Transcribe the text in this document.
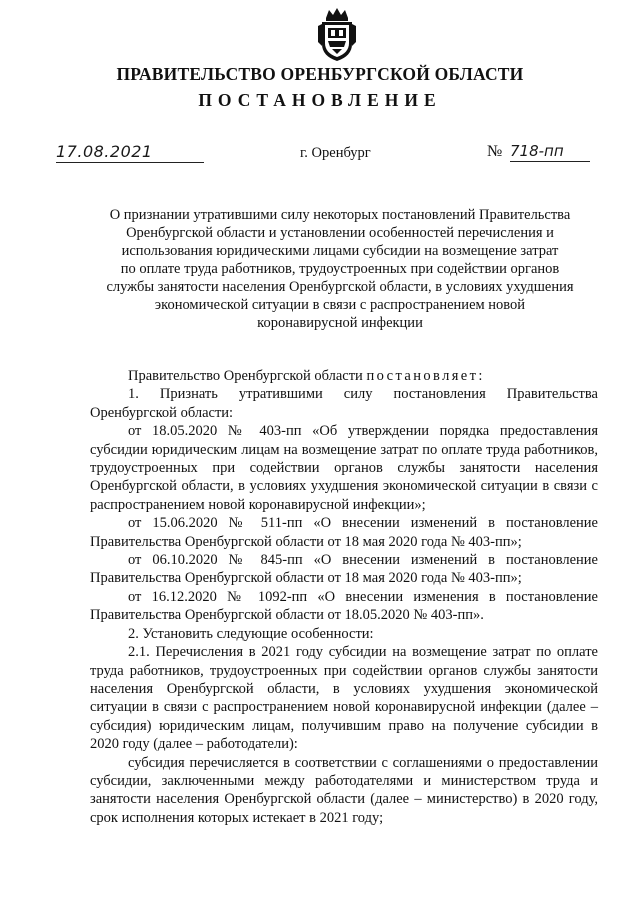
ПРАВИТЕЛЬСТВО ОРЕНБУРГСКОЙ ОБЛАСТИ
ПОСТАНОВЛЕНИЕ
17.08.2021	г. Оренбург	№ 718-пп
О признании утратившими силу некоторых постановлений Правительства
Оренбургской области и установлении особенностей перечисления и
использования юридическими лицами субсидии на возмещение затрат
по оплате труда работников, трудоустроенных при содействии органов
службы занятости населения Оренбургской области, в условиях ухудшения
экономической ситуации в связи с распространением новой
коронавирусной инфекции

Правительство Оренбургской области постановляет:

1. Признать утратившими силу постановления Правительства Оренбургской области:

от 18.05.2020 № 403-пп «Об утверждении порядка предоставления субсидии юридическим лицам на возмещение затрат по оплате труда работников, трудоустроенных при содействии органов службы занятости населения Оренбургской области, в условиях ухудшения экономической ситуации в связи с распространением новой коронавирусной инфекции»;

от 15.06.2020 № 511-пп «О внесении изменений в постановление Правительства Оренбургской области от 18 мая 2020 года № 403-пп»;

от 06.10.2020 № 845-пп «О внесении изменений в постановление Правительства Оренбургской области от 18 мая 2020 года № 403-пп»;

от 16.12.2020 № 1092-пп «О внесении изменения в постановление Правительства Оренбургской области от 18.05.2020 № 403-пп».

2. Установить следующие особенности:

2.1. Перечисления в 2021 году субсидии на возмещение затрат по оплате труда работников, трудоустроенных при содействии органов службы занятости населения Оренбургской области, в условиях ухудшения экономической ситуации в связи с распространением новой коронавирусной инфекции (далее – субсидия) юридическим лицам, получившим право на получение субсидии в 2020 году (далее – работодатели):

субсидия перечисляется в соответствии с соглашениями о предоставлении субсидии, заключенными между работодателями и министерством труда и занятости населения Оренбургской области (далее – министерство) в 2020 году, срок исполнения которых истекает в 2021 году;
